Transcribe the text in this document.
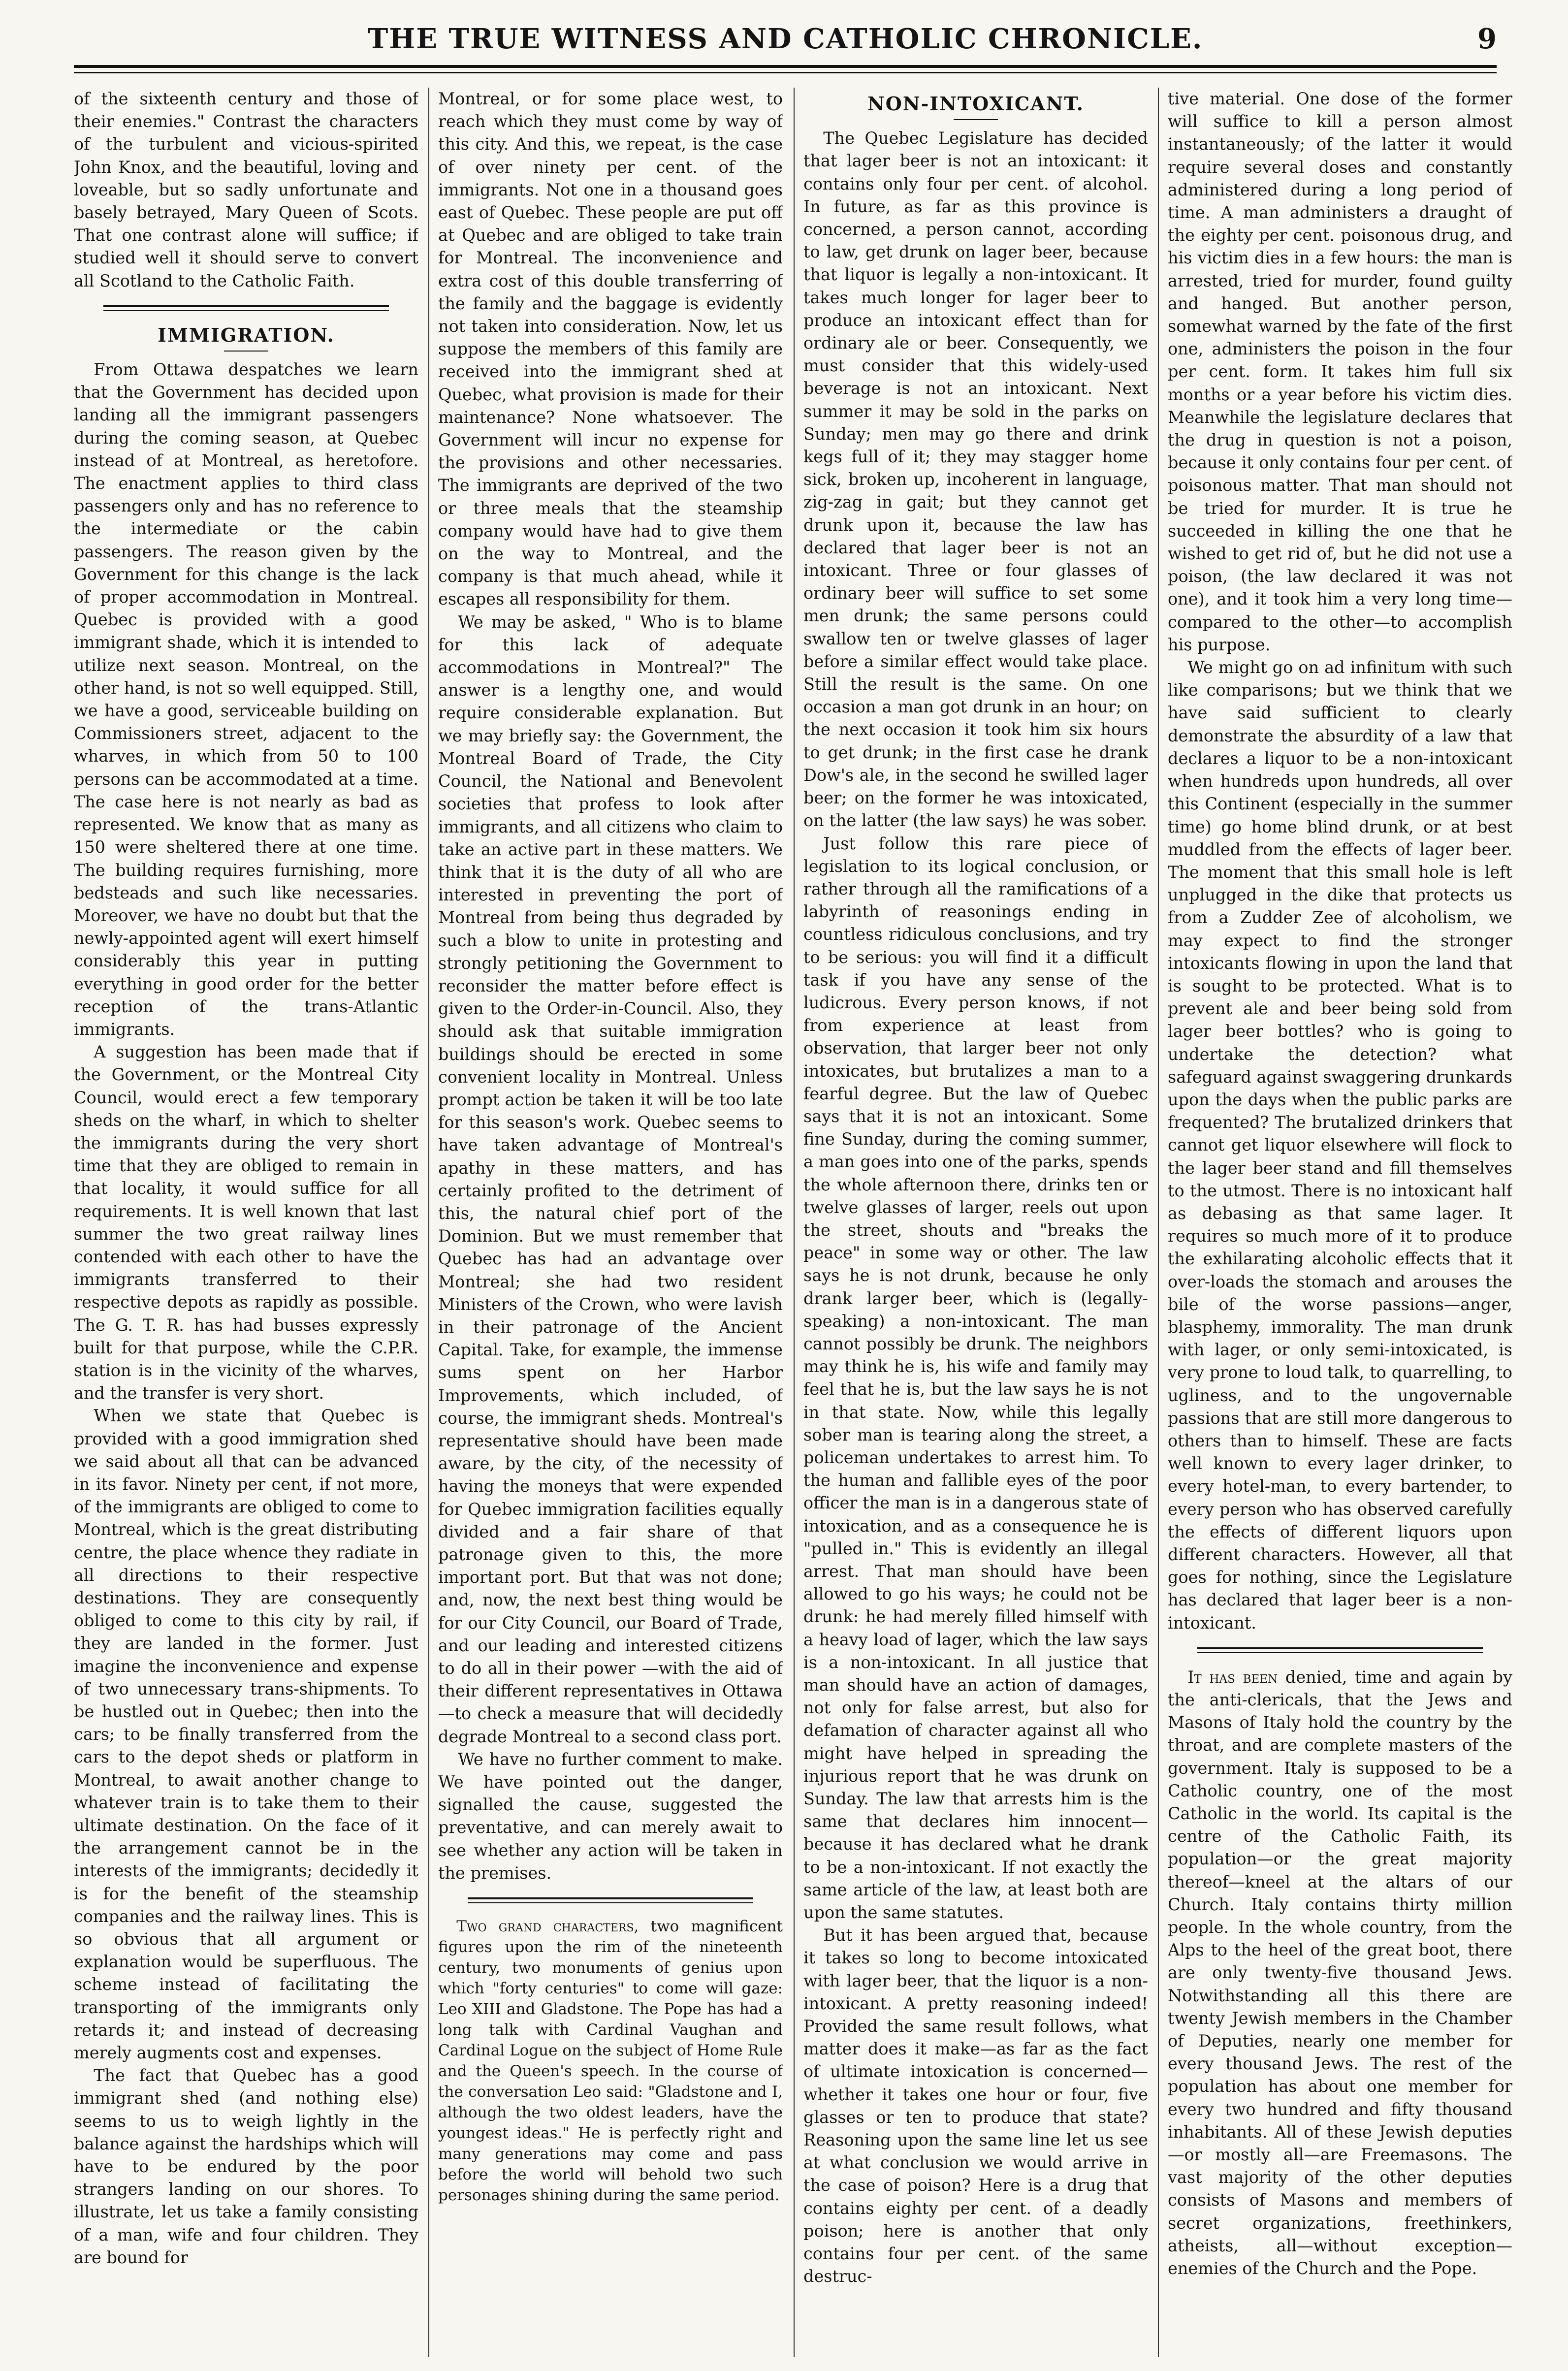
THE TRUE WITNESS AND CATHOLIC CHRONICLE.	9

of the sixteenth century and those of their enemies." Contrast the characters of the turbulent and vicious-spirited John Knox, and the beautiful, loving and loveable, but so sadly unfortunate and basely betrayed, Mary Queen of Scots. That one contrast alone will suffice; if studied well it should serve to convert all Scotland to the Catholic Faith.

IMMIGRATION.

From Ottawa despatches we learn that the Government has decided upon landing all the immigrant passengers during the coming season, at Quebec instead of at Montreal, as heretofore. The enactment applies to third class passengers only and has no reference to the intermediate or the cabin passengers. The reason given by the Government for this change is the lack of proper accommodation in Montreal. Quebec is provided with a good immigrant shade, which it is intended to utilize next season. Montreal, on the other hand, is not so well equipped. Still, we have a good, serviceable building on Commissioners street, adjacent to the wharves, in which from 50 to 100 persons can be accommodated at a time. The case here is not nearly as bad as represented. We know that as many as 150 were sheltered there at one time. The building requires furnishing, more bedsteads and such like necessaries. Moreover, we have no doubt but that the newly-appointed agent will exert himself considerably this year in putting everything in good order for the better reception of the trans-Atlantic immigrants.

A suggestion has been made that if the Government, or the Montreal City Council, would erect a few temporary sheds on the wharf, in which to shelter the immigrants during the very short time that they are obliged to remain in that locality, it would suffice for all requirements. It is well known that last summer the two great railway lines contended with each other to have the immigrants transferred to their respective depots as rapidly as possible. The G. T. R. has had busses expressly built for that purpose, while the C.P.R. station is in the vicinity of the wharves, and the transfer is very short.

When we state that Quebec is provided with a good immigration shed we said about all that can be advanced in its favor. Ninety per cent, if not more, of the immigrants are obliged to come to Montreal, which is the great distributing centre, the place whence they radiate in all directions to their respective destinations. They are consequently obliged to come to this city by rail, if they are landed in the former. Just imagine the inconvenience and expense of two unnecessary trans-shipments. To be hustled out in Quebec; then into the cars; to be finally transferred from the cars to the depot sheds or platform in Montreal, to await another change to whatever train is to take them to their ultimate destination. On the face of it the arrangement cannot be in the interests of the immigrants; decidedly it is for the benefit of the steamship companies and the railway lines. This is so obvious that all argument or explanation would be superfluous. The scheme instead of facilitating the transporting of the immigrants only retards it; and instead of decreasing merely augments cost and expenses.

The fact that Quebec has a good immigrant shed (and nothing else) seems to us to weigh lightly in the balance against the hardships which will have to be endured by the poor strangers landing on our shores. To illustrate, let us take a family consisting of a man, wife and four children. They are bound for

Montreal, or for some place west, to reach which they must come by way of this city. And this, we repeat, is the case of over ninety per cent. of the immigrants. Not one in a thousand goes east of Quebec. These people are put off at Quebec and are obliged to take train for Montreal. The inconvenience and extra cost of this double transferring of the family and the baggage is evidently not taken into consideration. Now, let us suppose the members of this family are received into the immigrant shed at Quebec, what provision is made for their maintenance? None whatsoever. The Government will incur no expense for the provisions and other necessaries. The immigrants are deprived of the two or three meals that the steamship company would have had to give them on the way to Montreal, and the company is that much ahead, while it escapes all responsibility for them.

We may be asked, " Who is to blame for this lack of adequate accommodations in Montreal?" The answer is a lengthy one, and would require considerable explanation. But we may briefly say: the Government, the Montreal Board of Trade, the City Council, the National and Benevolent societies that profess to look after immigrants, and all citizens who claim to take an active part in these matters. We think that it is the duty of all who are interested in preventing the port of Montreal from being thus degraded by such a blow to unite in protesting and strongly petitioning the Government to reconsider the matter before effect is given to the Order-in-Council. Also, they should ask that suitable immigration buildings should be erected in some convenient locality in Montreal. Unless prompt action be taken it will be too late for this season's work. Quebec seems to have taken advantage of Montreal's apathy in these matters, and has certainly profited to the detriment of this, the natural chief port of the Dominion. But we must remember that Quebec has had an advantage over Montreal; she had two resident Ministers of the Crown, who were lavish in their patronage of the Ancient Capital. Take, for example, the immense sums spent on her Harbor Improvements, which included, of course, the immigrant sheds. Montreal's representative should have been made aware, by the city, of the necessity of having the moneys that were expended for Quebec immigration facilities equally divided and a fair share of that patronage given to this, the more important port. But that was not done; and, now, the next best thing would be for our City Council, our Board of Trade, and our leading and interested citizens to do all in their power —with the aid of their different representatives in Ottawa—to check a measure that will decidedly degrade Montreal to a second class port.

We have no further comment to make. We have pointed out the danger, signalled the cause, suggested the preventative, and can merely await to see whether any action will be taken in the premises.

Two grand characters, two magnificent figures upon the rim of the nineteenth century, two monuments of genius upon which "forty centuries" to come will gaze: Leo XIII and Gladstone. The Pope has had a long talk with Cardinal Vaughan and Cardinal Logue on the subject of Home Rule and the Queen's speech. In the course of the conversation Leo said: "Gladstone and I, although the two oldest leaders, have the youngest ideas." He is perfectly right and many generations may come and pass before the world will behold two such personages shining during the same period.

NON-INTOXICANT.

The Quebec Legislature has decided that lager beer is not an intoxicant: it contains only four per cent. of alcohol. In future, as far as this province is concerned, a person cannot, according to law, get drunk on lager beer, because that liquor is legally a non-intoxicant. It takes much longer for lager beer to produce an intoxicant effect than for ordinary ale or beer. Consequently, we must consider that this widely-used beverage is not an intoxicant. Next summer it may be sold in the parks on Sunday; men may go there and drink kegs full of it; they may stagger home sick, broken up, incoherent in language, zig-zag in gait; but they cannot get drunk upon it, because the law has declared that lager beer is not an intoxicant. Three or four glasses of ordinary beer will suffice to set some men drunk; the same persons could swallow ten or twelve glasses of lager before a similar effect would take place. Still the result is the same. On one occasion a man got drunk in an hour; on the next occasion it took him six hours to get drunk; in the first case he drank Dow's ale, in the second he swilled lager beer; on the former he was intoxicated, on the latter (the law says) he was sober.

Just follow this rare piece of legislation to its logical conclusion, or rather through all the ramifications of a labyrinth of reasonings ending in countless ridiculous conclusions, and try to be serious: you will find it a difficult task if you have any sense of the ludicrous. Every person knows, if not from experience at least from observation, that larger beer not only intoxicates, but brutalizes a man to a fearful degree. But the law of Quebec says that it is not an intoxicant. Some fine Sunday, during the coming summer, a man goes into one of the parks, spends the whole afternoon there, drinks ten or twelve glasses of larger, reels out upon the street, shouts and "breaks the peace" in some way or other. The law says he is not drunk, because he only drank larger beer, which is (legally-speaking) a non-intoxicant. The man cannot possibly be drunk. The neighbors may think he is, his wife and family may feel that he is, but the law says he is not in that state. Now, while this legally sober man is tearing along the street, a policeman undertakes to arrest him. To the human and fallible eyes of the poor officer the man is in a dangerous state of intoxication, and as a consequence he is "pulled in." This is evidently an illegal arrest. That man should have been allowed to go his ways; he could not be drunk: he had merely filled himself with a heavy load of lager, which the law says is a non-intoxicant. In all justice that man should have an action of damages, not only for false arrest, but also for defamation of character against all who might have helped in spreading the injurious report that he was drunk on Sunday. The law that arrests him is the same that declares him innocent—because it has declared what he drank to be a non-intoxicant. If not exactly the same article of the law, at least both are upon the same statutes.

But it has been argued that, because it takes so long to become intoxicated with lager beer, that the liquor is a non-intoxicant. A pretty reasoning indeed! Provided the same result follows, what matter does it make—as far as the fact of ultimate intoxication is concerned—whether it takes one hour or four, five glasses or ten to produce that state? Reasoning upon the same line let us see at what conclusion we would arrive in the case of poison? Here is a drug that contains eighty per cent. of a deadly poison; here is another that only contains four per cent. of the same destruc-

tive material. One dose of the former will suffice to kill a person almost instantaneously; of the latter it would require several doses and constantly administered during a long period of time. A man administers a draught of the eighty per cent. poisonous drug, and his victim dies in a few hours: the man is arrested, tried for murder, found guilty and hanged. But another person, somewhat warned by the fate of the first one, administers the poison in the four per cent. form. It takes him full six months or a year before his victim dies. Meanwhile the legislature declares that the drug in question is not a poison, because it only contains four per cent. of poisonous matter. That man should not be tried for murder. It is true he succeeded in killing the one that he wished to get rid of, but he did not use a poison, (the law declared it was not one), and it took him a very long time—compared to the other—to accomplish his purpose.

We might go on ad infinitum with such like comparisons; but we think that we have said sufficient to clearly demonstrate the absurdity of a law that declares a liquor to be a non-intoxicant when hundreds upon hundreds, all over this Continent (especially in the summer time) go home blind drunk, or at best muddled from the effects of lager beer. The moment that this small hole is left unplugged in the dike that protects us from a Zudder Zee of alcoholism, we may expect to find the stronger intoxicants flowing in upon the land that is sought to be protected. What is to prevent ale and beer being sold from lager beer bottles? who is going to undertake the detection? what safeguard against swaggering drunkards upon the days when the public parks are frequented? The brutalized drinkers that cannot get liquor elsewhere will flock to the lager beer stand and fill themselves to the utmost. There is no intoxicant half as debasing as that same lager. It requires so much more of it to produce the exhilarating alcoholic effects that it over-loads the stomach and arouses the bile of the worse passions—anger, blasphemy, immorality. The man drunk with lager, or only semi-intoxicated, is very prone to loud talk, to quarrelling, to ugliness, and to the ungovernable passions that are still more dangerous to others than to himself. These are facts well known to every lager drinker, to every hotel-man, to every bartender, to every person who has observed carefully the effects of different liquors upon different characters. However, all that goes for nothing, since the Legislature has declared that lager beer is a non-intoxicant.

It has been denied, time and again by the anti-clericals, that the Jews and Masons of Italy hold the country by the throat, and are complete masters of the government. Italy is supposed to be a Catholic country, one of the most Catholic in the world. Its capital is the centre of the Catholic Faith, its population—or the great majority thereof—kneel at the altars of our Church. Italy contains thirty million people. In the whole country, from the Alps to the heel of the great boot, there are only twenty-five thousand Jews. Notwithstanding all this there are twenty Jewish members in the Chamber of Deputies, nearly one member for every thousand Jews. The rest of the population has about one member for every two hundred and fifty thousand inhabitants. All of these Jewish deputies—or mostly all—are Freemasons. The vast majority of the other deputies consists of Masons and members of secret organizations, freethinkers, atheists, all—without exception—enemies of the Church and the Pope.
